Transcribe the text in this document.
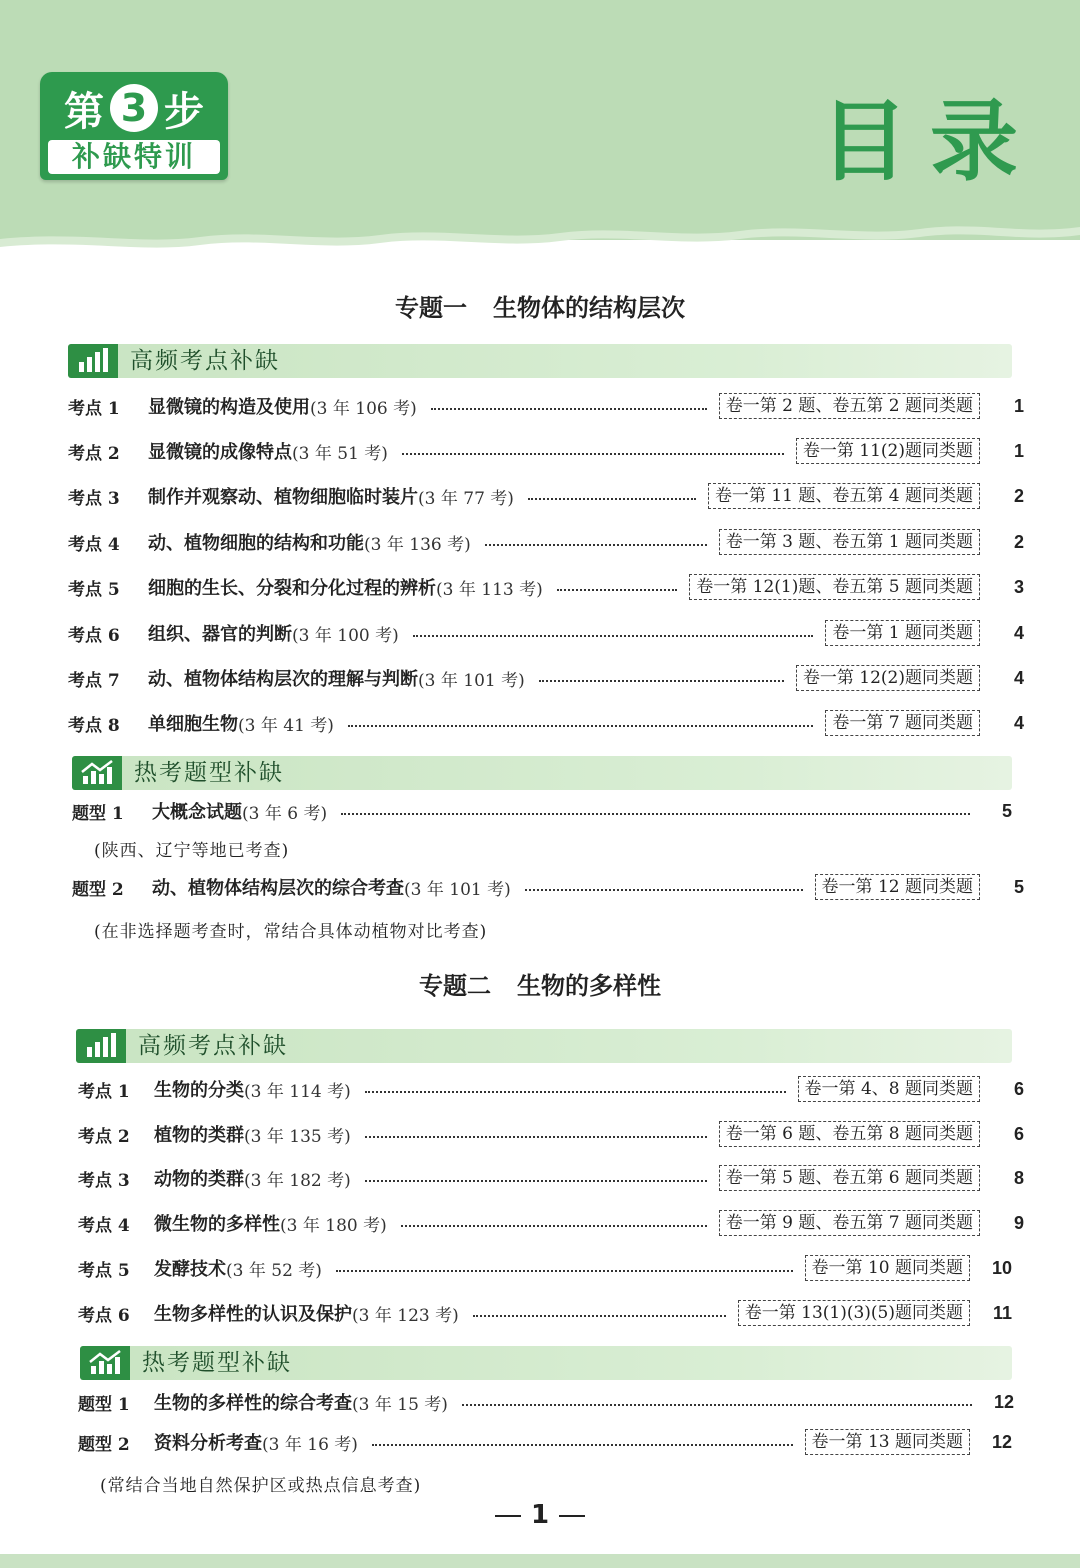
第 3 步
补缺特训	目录
专题一 生物体的结构层次
高频考点补缺
考点 1	显微镜的构造及使用 (3 年 106 考)	卷一第 2 题、卷五第 2 题同类题	1
考点 2	显微镜的成像特点 (3 年 51 考)	卷一第 11(2)题同类题	1
考点 3	制作并观察动、植物细胞临时装片 (3 年 77 考)	卷一第 11 题、卷五第 4 题同类题	2
考点 4	动、植物细胞的结构和功能 (3 年 136 考)	卷一第 3 题、卷五第 1 题同类题	2
考点 5	细胞的生长、分裂和分化过程的辨析 (3 年 113 考)	卷一第 12(1)题、卷五第 5 题同类题	3
考点 6	组织、器官的判断 (3 年 100 考)	卷一第 1 题同类题	4
考点 7	动、植物体结构层次的理解与判断 (3 年 101 考)	卷一第 12(2)题同类题	4
考点 8	单细胞生物 (3 年 41 考)	卷一第 7 题同类题	4
热考题型补缺
题型 1	大概念试题 (3 年 6 考)	5
(陕西、辽宁等地已考查)
题型 2	动、植物体结构层次的综合考查 (3 年 101 考)	卷一第 12 题同类题	5
(在非选择题考查时，常结合具体动植物对比考查)
专题二 生物的多样性
高频考点补缺
考点 1	生物的分类 (3 年 114 考)	卷一第 4、8 题同类题	6
考点 2	植物的类群 (3 年 135 考)	卷一第 6 题、卷五第 8 题同类题	6
考点 3	动物的类群 (3 年 182 考)	卷一第 5 题、卷五第 6 题同类题	8
考点 4	微生物的多样性 (3 年 180 考)	卷一第 9 题、卷五第 7 题同类题	9
考点 5	发酵技术 (3 年 52 考)	卷一第 10 题同类题	10
考点 6	生物多样性的认识及保护 (3 年 123 考)	卷一第 13(1)(3)(5)题同类题	11
热考题型补缺
题型 1	生物的多样性的综合考查 (3 年 15 考)	12
题型 2	资料分析考查 (3 年 16 考)	卷一第 13 题同类题	12
(常结合当地自然保护区或热点信息考查)
1
